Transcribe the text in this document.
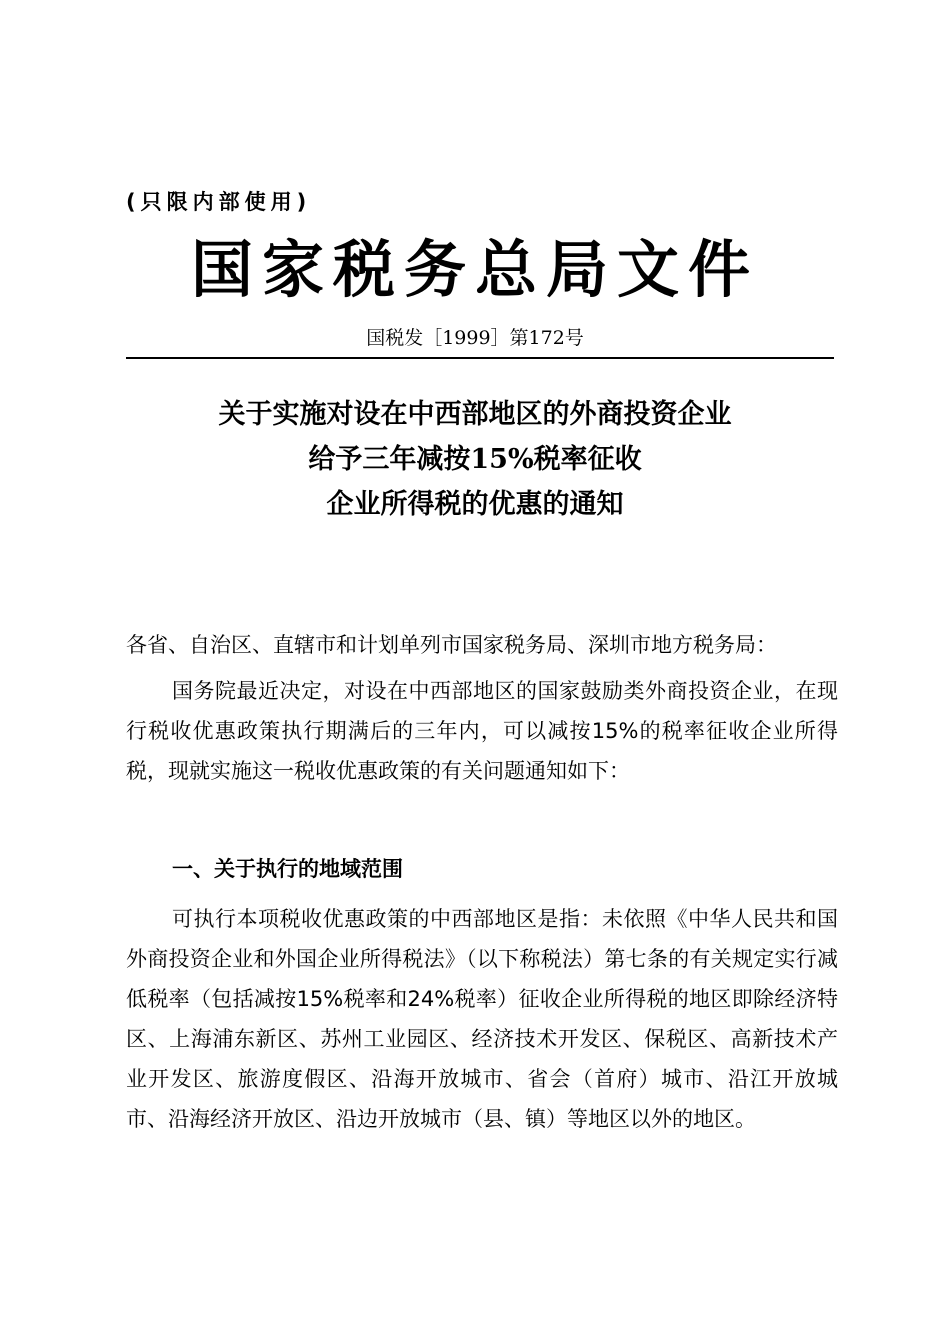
(只限内部使用)
国家税务总局文件
国税发［1999］第172号
关于实施对设在中西部地区的外商投资企业
给予三年减按15%税率征收
企业所得税的优惠的通知
各省、自治区、直辖市和计划单列市国家税务局、深圳市地方税务局：
国务院最近决定，对设在中西部地区的国家鼓励类外商投资企业，在现行税收优惠政策执行期满后的三年内，可以减按15%的税率征收企业所得税，现就实施这一税收优惠政策的有关问题通知如下：
一、关于执行的地域范围
可执行本项税收优惠政策的中西部地区是指：未依照《中华人民共和国外商投资企业和外国企业所得税法》（以下称税法）第七条的有关规定实行减低税率（包括减按15%税率和24%税率）征收企业所得税的地区即除经济特区、上海浦东新区、苏州工业园区、经济技术开发区、保税区、高新技术产业开发区、旅游度假区、沿海开放城市、省会（首府）城市、沿江开放城市、沿海经济开放区、沿边开放城市（县、镇）等地区以外的地区。
